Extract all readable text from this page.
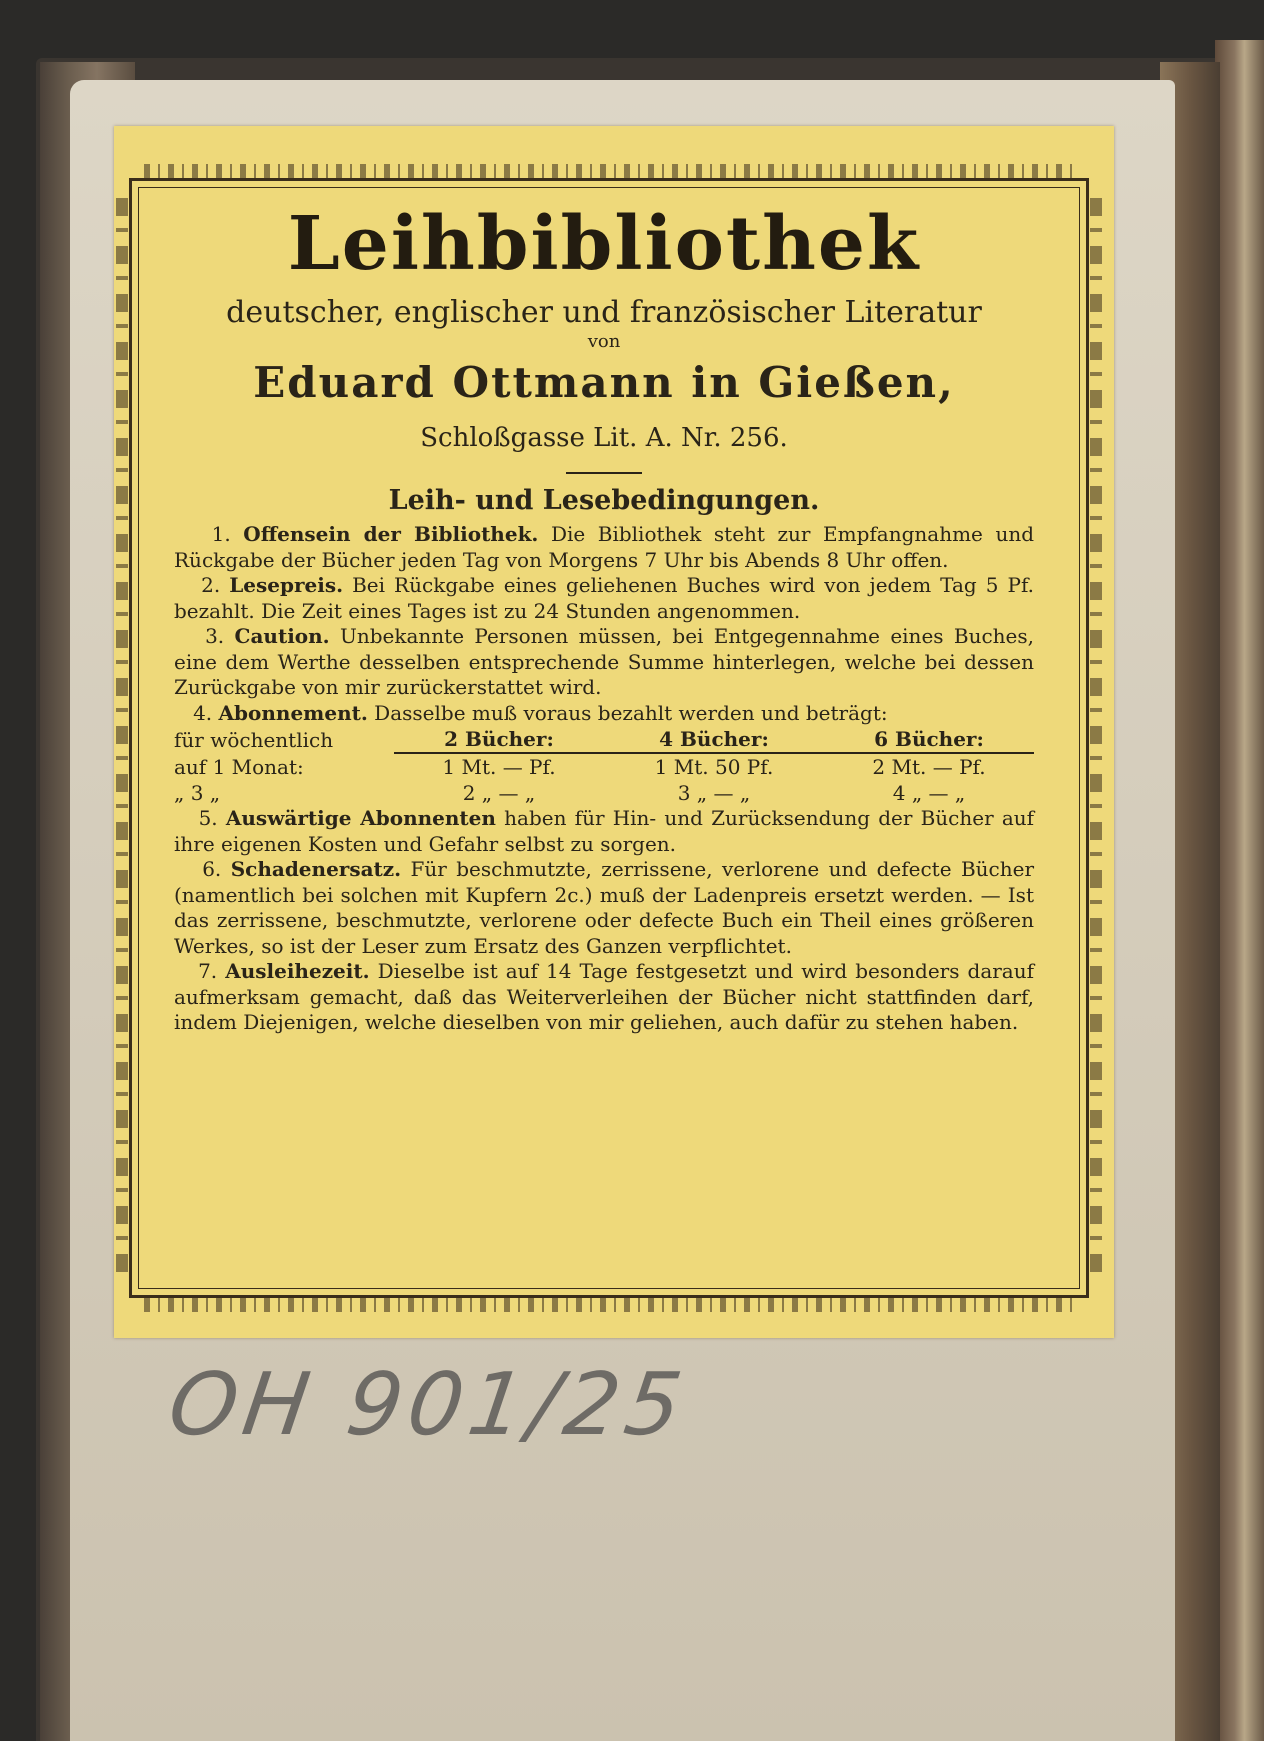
Leihbibliothek

deutscher, englischer und französischer Literatur

von

Eduard Ottmann in Gießen,

Schloßgasse Lit. A. Nr. 256.

Leih- und Lesebedingungen.

1. Offensein der Bibliothek. Die Bibliothek steht zur Empfangnahme und Rückgabe der Bücher jeden Tag von Morgens 7 Uhr bis Abends 8 Uhr offen.

2. Lesepreis. Bei Rückgabe eines geliehenen Buches wird von jedem Tag 5 Pf. bezahlt. Die Zeit eines Tages ist zu 24 Stunden angenommen.

3. Caution. Unbekannte Personen müssen, bei Entgegennahme eines Buches, eine dem Werthe desselben entsprechende Summe hinterlegen, welche bei dessen Zurückgabe von mir zurückerstattet wird.

4. Abonnement. Dasselbe muß voraus bezahlt werden und beträgt:

für wöchentlich	2 Bücher:	4 Bücher:	6 Bücher:
auf 1 Monat:	1 Mt. — Pf.	1 Mt. 50 Pf.	2 Mt. — Pf.
„ 3 „	2 „ — „	3 „ — „	4 „ — „

5. Auswärtige Abonnenten haben für Hin- und Zurücksendung der Bücher auf ihre eigenen Kosten und Gefahr selbst zu sorgen.

6. Schadenersatz. Für beschmutzte, zerrissene, verlorene und defecte Bücher (namentlich bei solchen mit Kupfern 2c.) muß der Ladenpreis ersetzt werden. — Ist das zerrissene, beschmutzte, verlorene oder defecte Buch ein Theil eines größeren Werkes, so ist der Leser zum Ersatz des Ganzen verpflichtet.

7. Ausleihezeit. Dieselbe ist auf 14 Tage festgesetzt und wird besonders darauf aufmerksam gemacht, daß das Weiterverleihen der Bücher nicht stattfinden darf, indem Diejenigen, welche dieselben von mir geliehen, auch dafür zu stehen haben.

OH 901/25
